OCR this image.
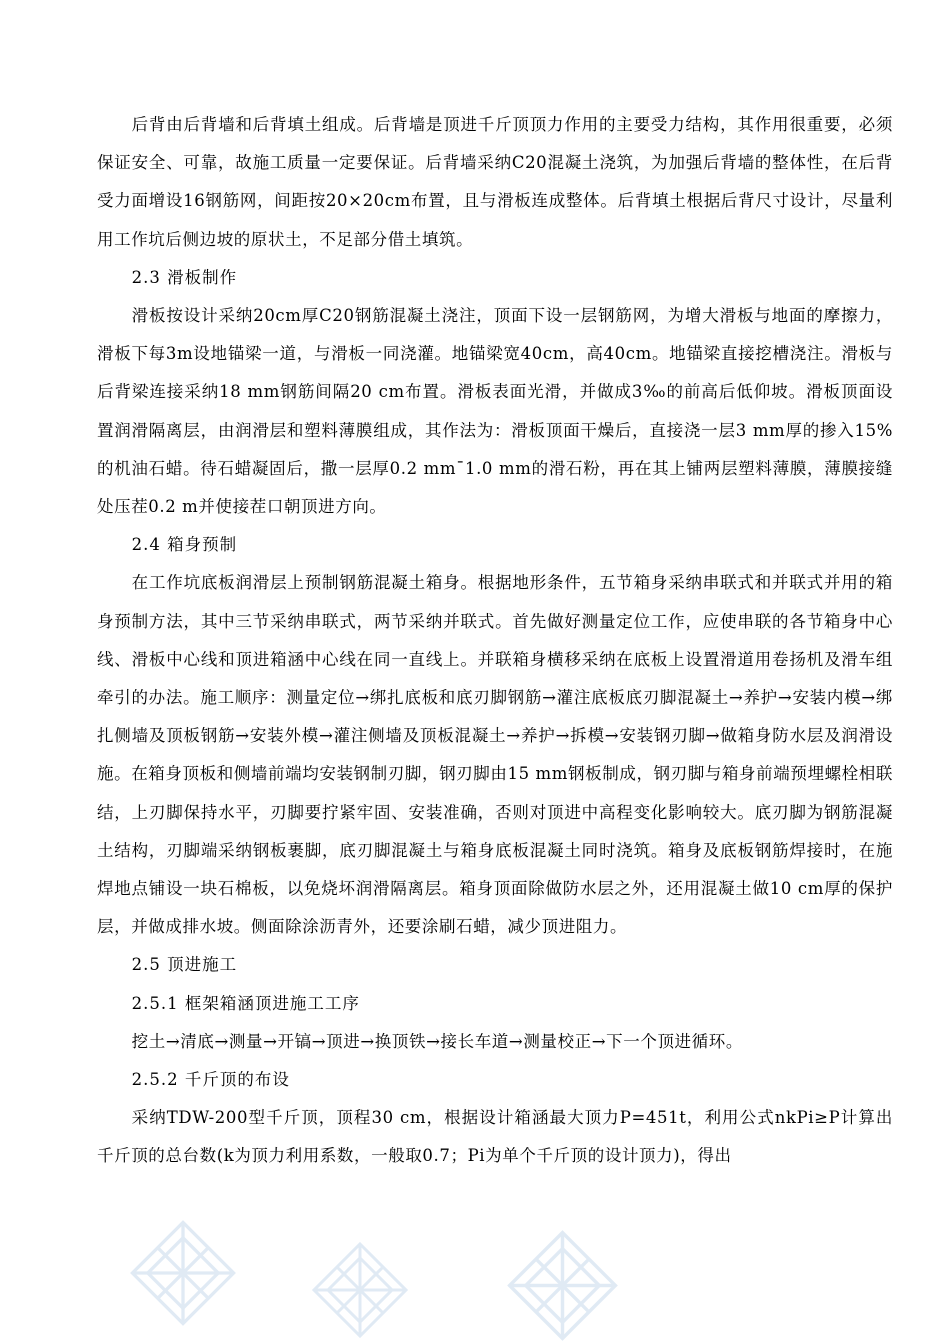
后背由后背墙和后背填土组成。后背墙是顶进千斤顶顶力作用的主要受力结构，其作用很重要，必须保证安全、可靠，故施工质量一定要保证。后背墙采纳C20混凝土浇筑，为加强后背墙的整体性，在后背受力面增设16钢筋网，间距按20×20cm布置，且与滑板连成整体。后背填土根据后背尺寸设计，尽量利用工作坑后侧边坡的原状土，不足部分借土填筑。

2.3 滑板制作

滑板按设计采纳20cm厚C20钢筋混凝土浇注，顶面下设一层钢筋网，为增大滑板与地面的摩擦力，滑板下每3m设地锚梁一道，与滑板一同浇灌。地锚梁宽40cm，高40cm。地锚梁直接挖槽浇注。滑板与后背梁连接采纳18 mm钢筋间隔20 cm布置。滑板表面光滑，并做成3‰的前高后低仰坡。滑板顶面设置润滑隔离层，由润滑层和塑料薄膜组成，其作法为：滑板顶面干燥后，直接浇一层3 mm厚的掺入15%的机油石蜡。待石蜡凝固后，撒一层厚0.2 mm¯1.0 mm的滑石粉，再在其上铺两层塑料薄膜，薄膜接缝处压茬0.2 m并使接茬口朝顶进方向。

2.4 箱身预制

在工作坑底板润滑层上预制钢筋混凝土箱身。根据地形条件，五节箱身采纳串联式和并联式并用的箱身预制方法，其中三节采纳串联式，两节采纳并联式。首先做好测量定位工作，应使串联的各节箱身中心线、滑板中心线和顶进箱涵中心线在同一直线上。并联箱身横移采纳在底板上设置滑道用卷扬机及滑车组牵引的办法。施工顺序：测量定位→绑扎底板和底刃脚钢筋→灌注底板底刃脚混凝土→养护→安装内模→绑扎侧墙及顶板钢筋→安装外模→灌注侧墙及顶板混凝土→养护→拆模→安装钢刃脚→做箱身防水层及润滑设施。在箱身顶板和侧墙前端均安装钢制刃脚，钢刃脚由15 mm钢板制成，钢刃脚与箱身前端预埋螺栓相联结，上刃脚保持水平，刃脚要拧紧牢固、安装准确，否则对顶进中高程变化影响较大。底刃脚为钢筋混凝土结构，刃脚端采纳钢板裹脚，底刃脚混凝土与箱身底板混凝土同时浇筑。箱身及底板钢筋焊接时，在施焊地点铺设一块石棉板，以免烧坏润滑隔离层。箱身顶面除做防水层之外，还用混凝土做10 cm厚的保护层，并做成排水坡。侧面除涂沥青外，还要涂刷石蜡，减少顶进阻力。

2.5 顶进施工

2.5.1 框架箱涵顶进施工工序

挖土→清底→测量→开镐→顶进→换顶铁→接长车道→测量校正→下一个顶进循环。

2.5.2 千斤顶的布设

采纳TDW-200型千斤顶，顶程30 cm，根据设计箱涵最大顶力P=451t，利用公式nkPi≥P计算出千斤顶的总台数(k为顶力利用系数，一般取0.7；Pi为单个千斤顶的设计顶力)，得出
